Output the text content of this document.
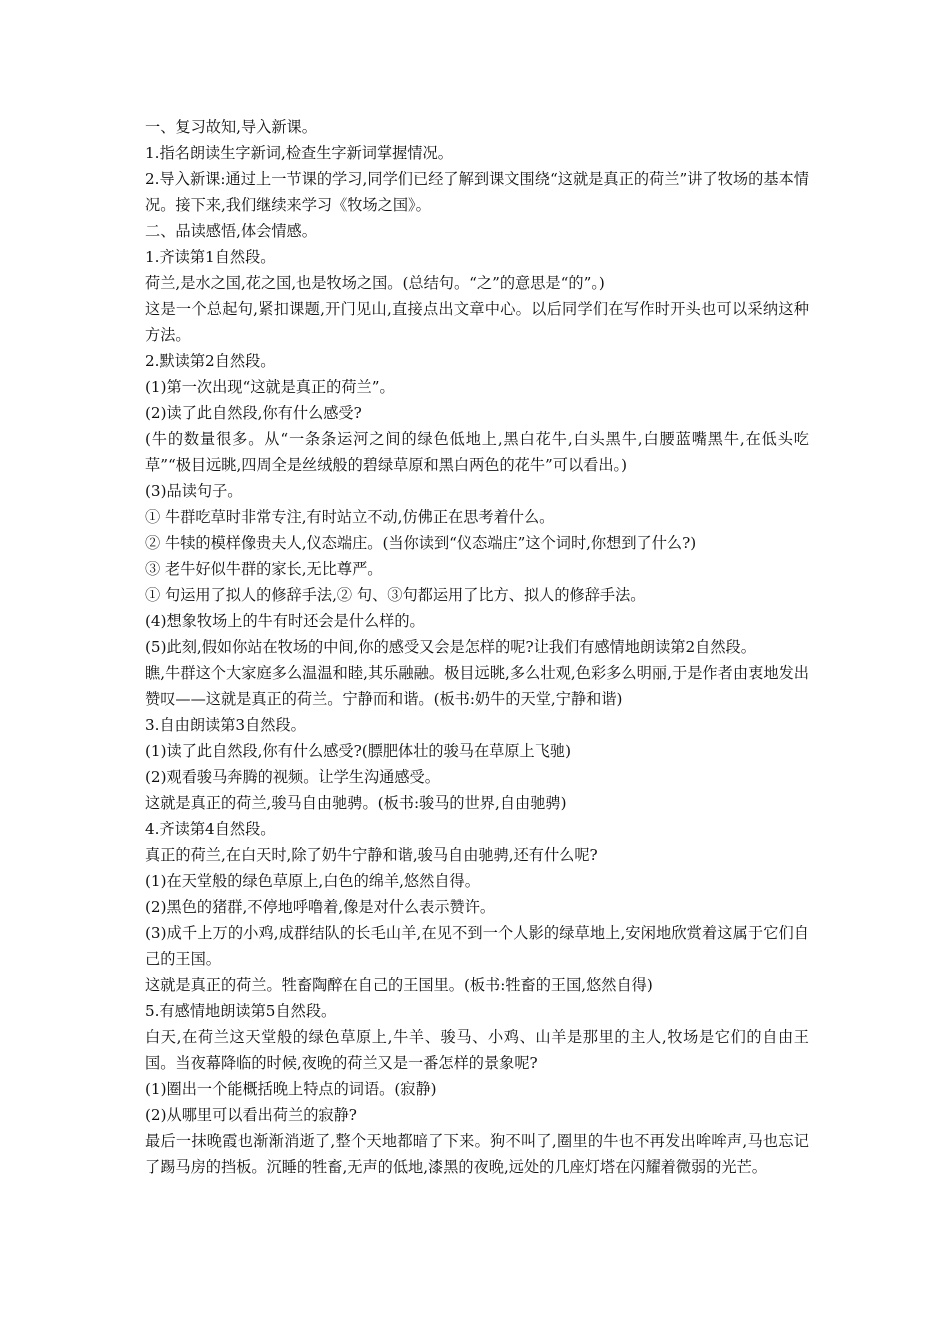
一、复习故知,导入新课。
1.指名朗读生字新词,检查生字新词掌握情况。
2.导入新课:通过上一节课的学习,同学们已经了解到课文围绕“这就是真正的荷兰”讲了牧场的基本情况。接下来,我们继续来学习《牧场之国》。
二、品读感悟,体会情感。
1.齐读第1自然段。
荷兰,是水之国,花之国,也是牧场之国。(总结句。“之”的意思是“的”。)
这是一个总起句,紧扣课题,开门见山,直接点出文章中心。以后同学们在写作时开头也可以采纳这种方法。
2.默读第2自然段。
(1)第一次出现“这就是真正的荷兰”。
(2)读了此自然段,你有什么感受?
(牛的数量很多。从“一条条运河之间的绿色低地上,黑白花牛,白头黑牛,白腰蓝嘴黑牛,在低头吃草”“极目远眺,四周全是丝绒般的碧绿草原和黑白两色的花牛”可以看出。)
(3)品读句子。
① 牛群吃草时非常专注,有时站立不动,仿佛正在思考着什么。
② 牛犊的模样像贵夫人,仪态端庄。(当你读到“仪态端庄”这个词时,你想到了什么?)
③ 老牛好似牛群的家长,无比尊严。
① 句运用了拟人的修辞手法,② 句、③句都运用了比方、拟人的修辞手法。
(4)想象牧场上的牛有时还会是什么样的。
(5)此刻,假如你站在牧场的中间,你的感受又会是怎样的呢?让我们有感情地朗读第2自然段。
瞧,牛群这个大家庭多么温温和睦,其乐融融。极目远眺,多么壮观,色彩多么明丽,于是作者由衷地发出赞叹——这就是真正的荷兰。宁静而和谐。(板书:奶牛的天堂,宁静和谐)
3.自由朗读第3自然段。
(1)读了此自然段,你有什么感受?(膘肥体壮的骏马在草原上飞驰)
(2)观看骏马奔腾的视频。让学生沟通感受。
这就是真正的荷兰,骏马自由驰骋。(板书:骏马的世界,自由驰骋)
4.齐读第4自然段。
真正的荷兰,在白天时,除了奶牛宁静和谐,骏马自由驰骋,还有什么呢?
(1)在天堂般的绿色草原上,白色的绵羊,悠然自得。
(2)黑色的猪群,不停地呼噜着,像是对什么表示赞许。
(3)成千上万的小鸡,成群结队的长毛山羊,在见不到一个人影的绿草地上,安闲地欣赏着这属于它们自己的王国。
这就是真正的荷兰。牲畜陶醉在自己的王国里。(板书:牲畜的王国,悠然自得)
5.有感情地朗读第5自然段。
白天,在荷兰这天堂般的绿色草原上,牛羊、骏马、小鸡、山羊是那里的主人,牧场是它们的自由王国。当夜幕降临的时候,夜晚的荷兰又是一番怎样的景象呢?
(1)圈出一个能概括晚上特点的词语。(寂静)
(2)从哪里可以看出荷兰的寂静?
最后一抹晚霞也渐渐消逝了,整个天地都暗了下来。狗不叫了,圈里的牛也不再发出哞哞声,马也忘记了踢马房的挡板。沉睡的牲畜,无声的低地,漆黑的夜晚,远处的几座灯塔在闪耀着微弱的光芒。
